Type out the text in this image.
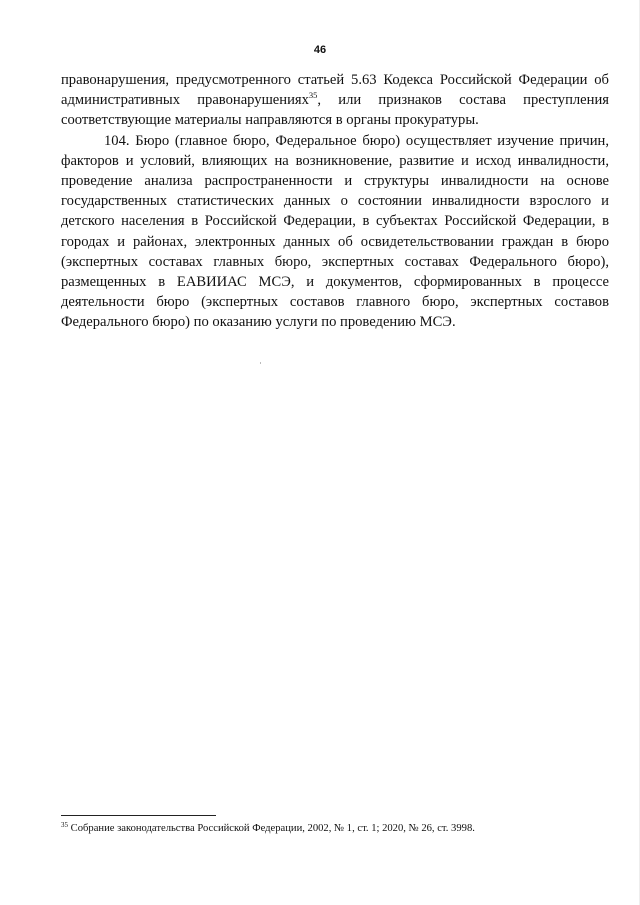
46
правонарушения, предусмотренного статьей 5.63 Кодекса Российской Федерации об
административных правонарушениях$^{35}$, или признаков состава преступления
соответствующие материалы направляются в органы прокуратуры.
104. Бюро (главное бюро, Федеральное бюро) осуществляет изучение причин,
факторов и условий, влияющих на возникновение, развитие и исход инвалидности,
проведение анализа распространенности и структуры инвалидности на основе
государственных статистических данных о состоянии инвалидности взрослого и
детского населения в Российской Федерации, в субъектах Российской Федерации, в
городах и районах, электронных данных об освидетельствовании граждан в бюро
(экспертных составах главных бюро, экспертных составах Федерального бюро),
размещенных в ЕАВИИАС МСЭ, и документов, сформированных в процессе
деятельности бюро (экспертных составов главного бюро, экспертных составов
Федерального бюро) по оказанию услуги по проведению МСЭ.
$^{35}$ Собрание законодательства Российской Федерации, 2002, № 1, ст. 1; 2020, № 26, ст. 3998.
